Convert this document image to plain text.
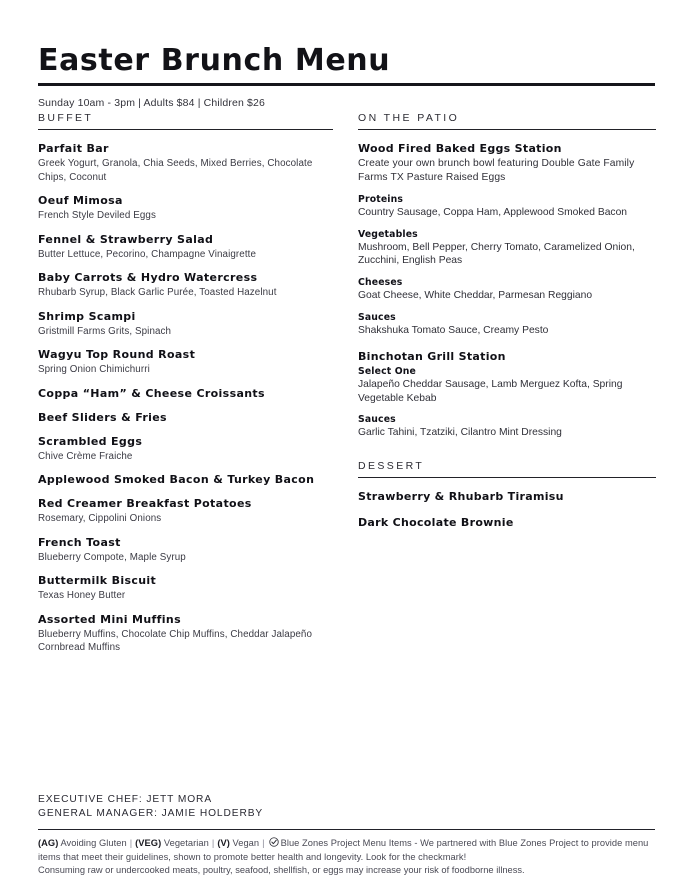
Easter Brunch Menu
Sunday 10am - 3pm | Adults $84 | Children $26
BUFFET
Parfait Bar
Greek Yogurt, Granola, Chia Seeds, Mixed Berries, Chocolate Chips, Coconut
Oeuf Mimosa
French Style Deviled Eggs
Fennel & Strawberry Salad
Butter Lettuce, Pecorino, Champagne Vinaigrette
Baby Carrots & Hydro Watercress
Rhubarb Syrup, Black Garlic Purée, Toasted Hazelnut
Shrimp Scampi
Gristmill Farms Grits, Spinach
Wagyu Top Round Roast
Spring Onion Chimichurri
Coppa “Ham” & Cheese Croissants
Beef Sliders & Fries
Scrambled Eggs
Chive Crème Fraiche
Applewood Smoked Bacon & Turkey Bacon
Red Creamer Breakfast Potatoes
Rosemary, Cippolini Onions
French Toast
Blueberry Compote, Maple Syrup
Buttermilk Biscuit
Texas Honey Butter
Assorted Mini Muffins
Blueberry Muffins, Chocolate Chip Muffins, Cheddar Jalapeño Cornbread Muffins
ON THE PATIO
Wood Fired Baked Eggs Station
Create your own brunch bowl featuring Double Gate Family Farms TX Pasture Raised Eggs
Proteins
Country Sausage, Coppa Ham, Applewood Smoked Bacon
Vegetables
Mushroom, Bell Pepper, Cherry Tomato, Caramelized Onion, Zucchini, English Peas
Cheeses
Goat Cheese, White Cheddar, Parmesan Reggiano
Sauces
Shakshuka Tomato Sauce, Creamy Pesto
Binchotan Grill Station
Select One
Jalapeño Cheddar Sausage, Lamb Merguez Kofta, Spring Vegetable Kebab
Sauces
Garlic Tahini, Tzatziki, Cilantro Mint Dressing
DESSERT
Strawberry & Rhubarb Tiramisu
Dark Chocolate Brownie
EXECUTIVE CHEF: JETT MORA
GENERAL MANAGER: JAMIE HOLDERBY
(AG) Avoiding Gluten | (VEG) Vegetarian | (V) Vegan | Blue Zones Project Menu Items - We partnered with Blue Zones Project to provide menu items that meet their guidelines, shown to promote better health and longevity. Look for the checkmark!
Consuming raw or undercooked meats, poultry, seafood, shellfish, or eggs may increase your risk of foodborne illness.
